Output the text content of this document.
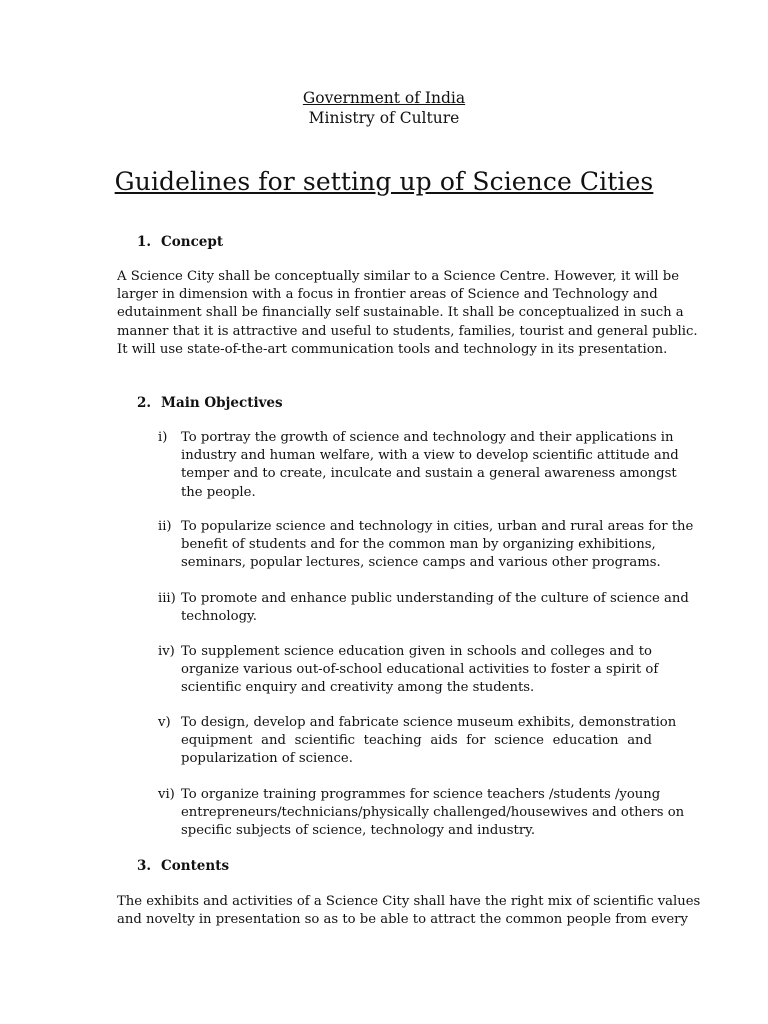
Government of India
Ministry of Culture
Guidelines for setting up of Science Cities
1. Concept
A Science City shall be conceptually similar to a Science Centre. However, it will be
larger in dimension with a focus in frontier areas of Science and Technology and
edutainment shall be financially self sustainable. It shall be conceptualized in such a
manner that it is attractive and useful to students, families, tourist and general public.
It will use state-of-the-art communication tools and technology in its presentation.
2. Main Objectives
i)	To portray the growth of science and technology and their applications in
industry and human welfare, with a view to develop scientific attitude and
temper and to create, inculcate and sustain a general awareness amongst
the people.
ii) To popularize science and technology in cities, urban and rural areas for the
benefit of students and for the common man by organizing exhibitions,
seminars, popular lectures, science camps and various other programs.
iii) To promote and enhance public understanding of the culture of science and
technology.
iv) To supplement science education given in schools and colleges and to
organize various out-of-school educational activities to foster a spirit of
scientific enquiry and creativity among the students.
v) To design, develop and fabricate science museum exhibits, demonstration
equipment and scientific teaching aids for science education and
popularization of science.
vi) To organize training programmes for science teachers /students /young
entrepreneurs/technicians/physically challenged/housewives and others on
specific subjects of science, technology and industry.
3. Contents
The exhibits and activities of a Science City shall have the right mix of scientific values
and novelty in presentation so as to be able to attract the common people from every
